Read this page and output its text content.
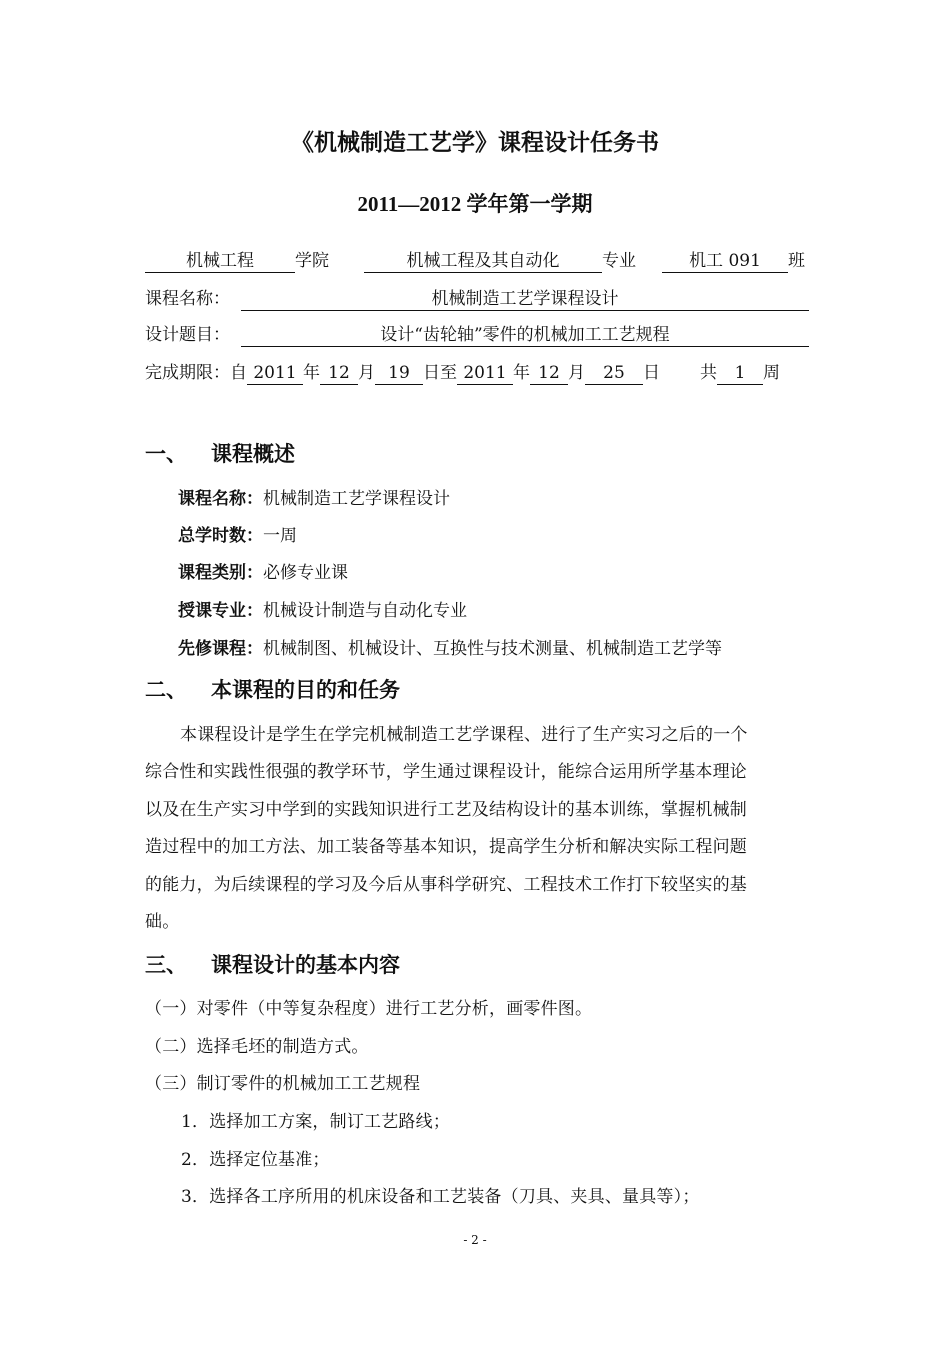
《机械制造工艺学》课程设计任务书
2011—2012 学年第一学期
机械工程 学院	机械工程及其自动化	专业	机工 091 班
课程名称：	机械制造工艺学课程设计
设计题目：	设计“齿轮轴”零件的机械加工工艺规程
完成期限：自 2011 年 12 月 19 日至 2011 年 12 月 25 日 共 1 周
一、 课程概述
课程名称：机械制造工艺学课程设计
总学时数：一周
课程类别：必修专业课
授课专业：机械设计制造与自动化专业
先修课程：机械制图、机械设计、互换性与技术测量、机械制造工艺学等
二、 本课程的目的和任务
本课程设计是学生在学完机械制造工艺学课程、进行了生产实习之后的一个
综合性和实践性很强的教学环节，学生通过课程设计，能综合运用所学基本理论
以及在生产实习中学到的实践知识进行工艺及结构设计的基本训练，掌握机械制
造过程中的加工方法、加工装备等基本知识，提高学生分析和解决实际工程问题
的能力，为后续课程的学习及今后从事科学研究、工程技术工作打下较坚实的基
础。
三、 课程设计的基本内容
（一）对零件（中等复杂程度）进行工艺分析，画零件图。
（二）选择毛坯的制造方式。
（三）制订零件的机械加工工艺规程
1．选择加工方案，制订工艺路线；
2．选择定位基准；
3．选择各工序所用的机床设备和工艺装备（刀具、夹具、量具等）；
- 2 -
